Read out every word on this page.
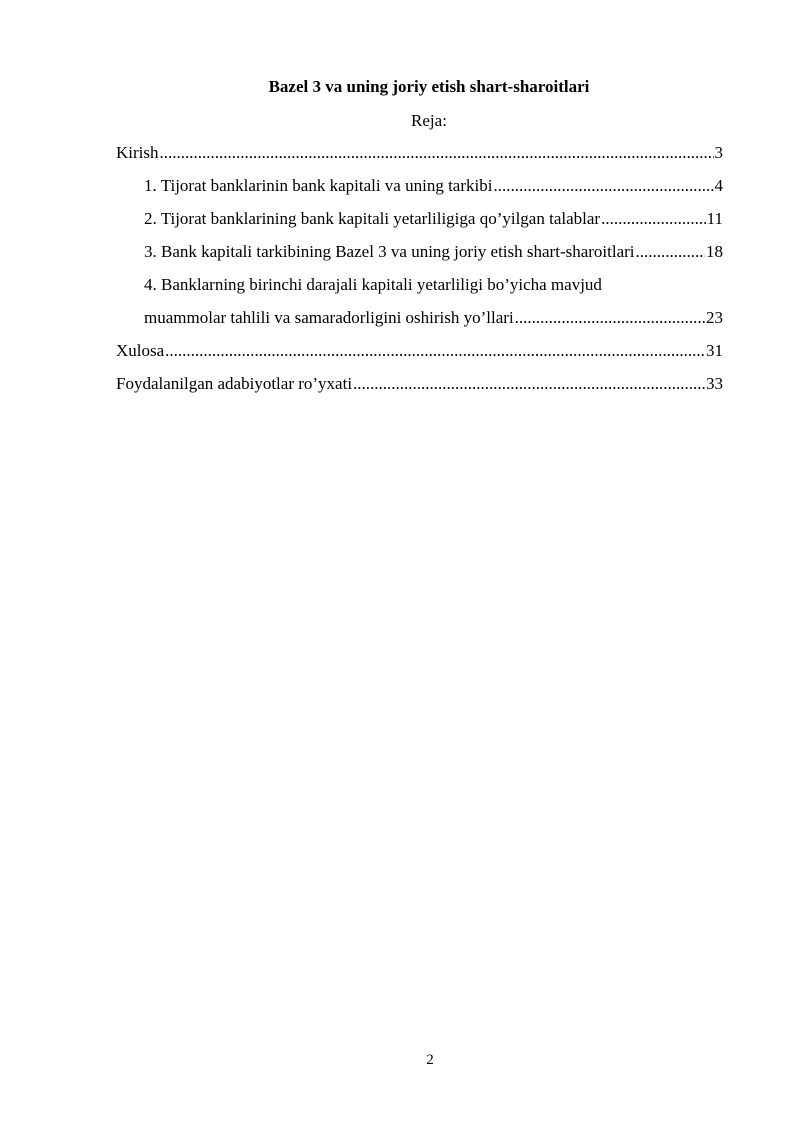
Bazel 3 va uning joriy etish shart-sharoitlari
Reja:
Kirish .....	3
1. Tijorat banklarinin bank kapitali va uning tarkibi .....	4
2. Tijorat banklarining bank kapitali yetarliligiga qo’yilgan talablar .....	11
3. Bank kapitali tarkibining Bazel 3 va uning joriy etish shart-sharoitlari .....	18
4. Banklarning birinchi darajali kapitali yetarliligi bo’yicha mavjud
muammolar tahlili va samaradorligini oshirish yo’llari .....	23
Xulosa .....	31
Foydalanilgan adabiyotlar ro’yxati .....	33
2
